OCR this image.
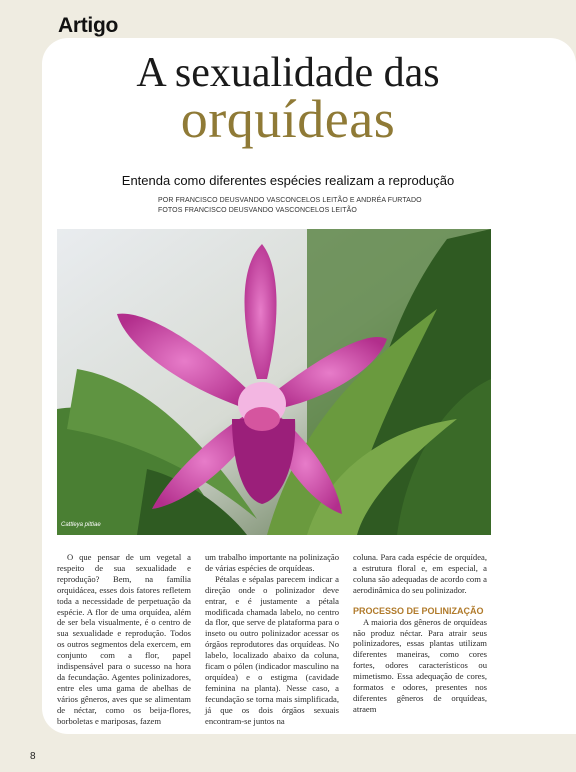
Artigo
A sexualidade das
orquídeas
Entenda como diferentes espécies realizam a reprodução
POR FRANCISCO DEUSVANDO VASCONCELOS LEITÃO E ANDRÉA FURTADO
FOTOS FRANCISCO DEUSVANDO VASCONCELOS LEITÃO
Cattleya pittiae

O que pensar de um vegetal a respeito de sua sexualidade e reprodução? Bem, na família orquidácea, esses dois fatores refletem toda a necessidade de perpetuação da espécie. A flor de uma orquídea, além de ser bela visualmente, é o centro de sua sexualidade e reprodução. Todos os outros segmentos dela exercem, em conjunto com a flor, papel indispensável para o sucesso na hora da fecundação. Agentes polinizadores, entre eles uma gama de abelhas de vários gêneros, aves que se alimentam de néctar, como os beija-flores, borboletas e mariposas, fazem

um trabalho importante na polinização de várias espécies de orquídeas.

Pétalas e sépalas parecem indicar a direção onde o polinizador deve entrar, e é justamente a pétala modificada chamada labelo, no centro da flor, que serve de plataforma para o inseto ou outro polinizador acessar os órgãos reprodutores das orquídeas. No labelo, localizado abaixo da coluna, ficam o pólen (indicador masculino na orquídea) e o estigma (cavidade feminina na planta). Nesse caso, a fecundação se torna mais simplificada, já que os dois órgãos sexuais encontram-se juntos na

coluna. Para cada espécie de orquídea, a estrutura floral e, em especial, a coluna são adequadas de acordo com a aerodinâmica do seu polinizador.

PROCESSO DE POLINIZAÇÃO

A maioria dos gêneros de orquídeas não produz néctar. Para atrair seus polinizadores, essas plantas utilizam diferentes maneiras, como cores fortes, odores característicos ou mimetismo. Essa adequação de cores, formatos e odores, presentes nos diferentes gêneros de orquídeas, atraem

8
